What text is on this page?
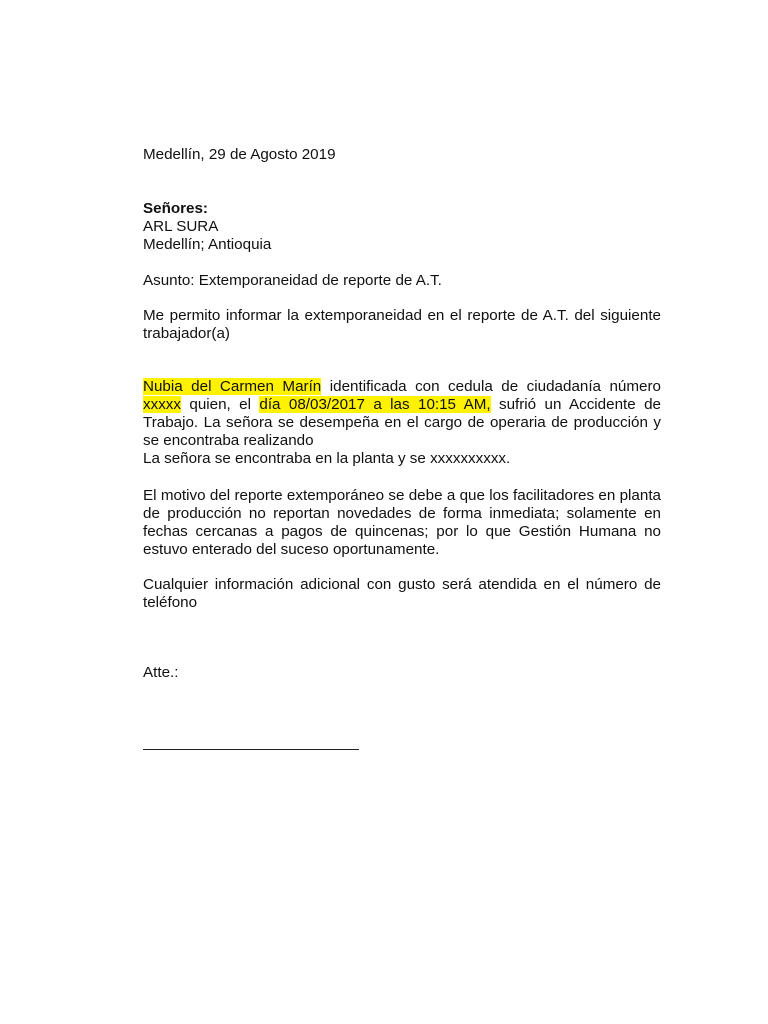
Medellín, 29 de Agosto 2019
Señores:
ARL SURA
Medellín; Antioquia
Asunto: Extemporaneidad de reporte de A.T.

Me permito informar la extemporaneidad en el reporte de A.T. del siguiente trabajador(a)

Nubia del Carmen Marín identificada con cedula de ciudadanía número xxxxx quien, el día 08/03/2017 a las 10:15 AM, sufrió un Accidente de Trabajo. La señora se desempeña en el cargo de operaria de producción y se encontraba realizando

La señora se encontraba en la planta y se xxxxxxxxxx.

El motivo del reporte extemporáneo se debe a que los facilitadores en planta de producción no reportan novedades de forma inmediata; solamente en fechas cercanas a pagos de quincenas; por lo que Gestión Humana no estuvo enterado del suceso oportunamente.

Cualquier información adicional con gusto será atendida en el número de teléfono

Atte.:
